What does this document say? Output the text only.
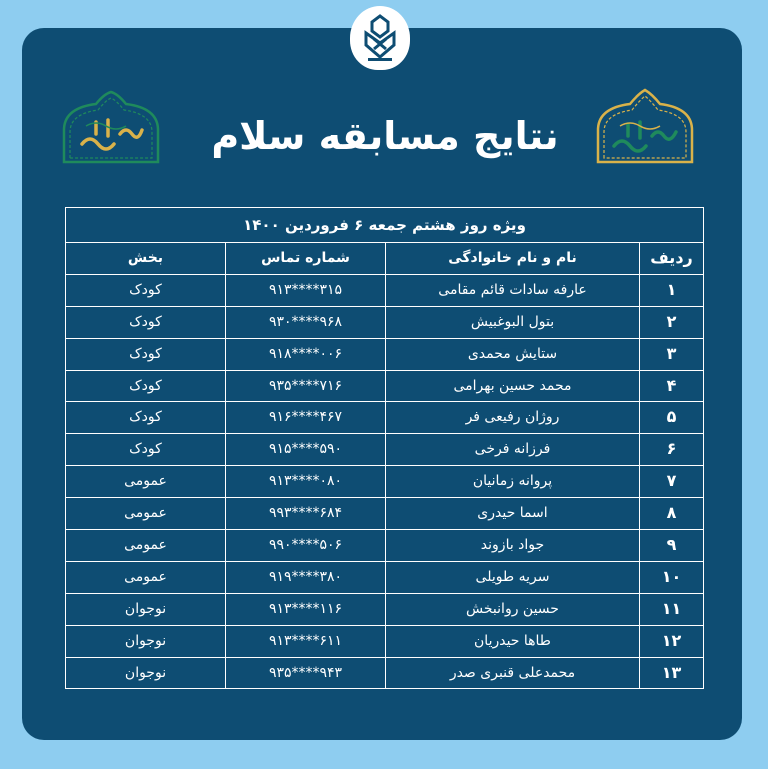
نتایج مسابقه سلام
ویژه روز هشتم جمعه ۶ فروردین ۱۴۰۰
ردیف
نام و نام خانوادگی
شماره تماس
بخش
۱
عارفه سادات قائم مقامی
۹۱۳****۳۱۵
کودک
۲
بتول البوغبیش
۹۳۰****۹۶۸
کودک
۳
ستایش محمدی
۹۱۸****۰۰۶
کودک
۴
محمد حسین بهرامی
۹۳۵****۷۱۶
کودک
۵
روژان رفیعی فر
۹۱۶****۴۶۷
کودک
۶
فرزانه فرخی
۹۱۵****۵۹۰
کودک
۷
پروانه زمانیان
۹۱۳****۰۸۰
عمومی
۸
اسما حیدری
۹۹۳****۶۸۴
عمومی
۹
جواد بازوند
۹۹۰****۵۰۶
عمومی
۱۰
سریه طویلی
۹۱۹****۳۸۰
عمومی
۱۱
حسین روانبخش
۹۱۳****۱۱۶
نوجوان
۱۲
طاها حیدریان
۹۱۳****۶۱۱
نوجوان
۱۳
محمدعلی قنبری صدر
۹۳۵****۹۴۳
نوجوان
